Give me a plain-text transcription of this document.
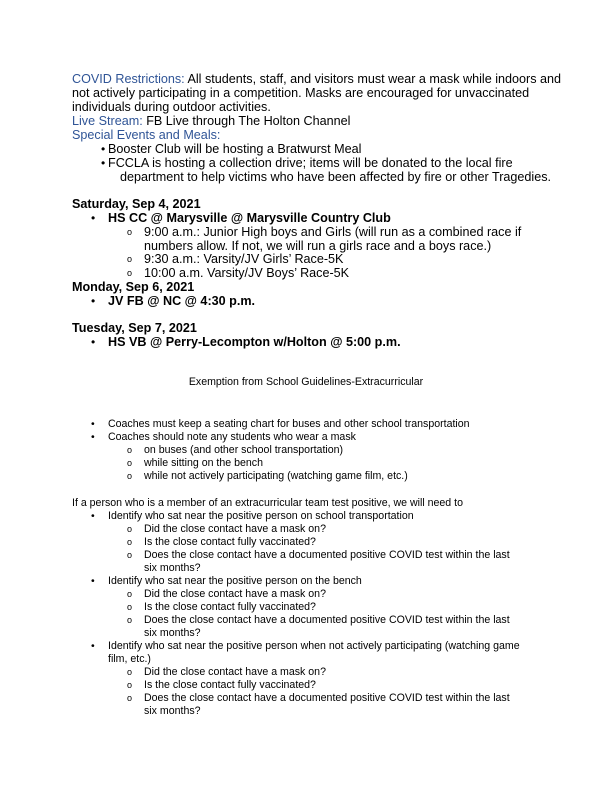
COVID Restrictions: All students, staff, and visitors must wear a mask while indoors and
not actively participating in a competition. Masks are encouraged for unvaccinated
individuals during outdoor activities.
Live Stream: FB Live through The Holton Channel
Special Events and Meals:
• Booster Club will be hosting a Bratwurst Meal
• FCCLA is hosting a collection drive; items will be donated to the local fire
department to help victims who have been affected by fire or other Tragedies.
Saturday, Sep 4, 2021
• HS CC @ Marysville @ Marysville Country Club
o 9:00 a.m.: Junior High boys and Girls (will run as a combined race if
numbers allow. If not, we will run a girls race and a boys race.)
o 9:30 a.m.: Varsity/JV Girls’ Race-5K
o 10:00 a.m. Varsity/JV Boys’ Race-5K
Monday, Sep 6, 2021
• JV FB @ NC @ 4:30 p.m.
Tuesday, Sep 7, 2021
• HS VB @ Perry-Lecompton w/Holton @ 5:00 p.m.
Exemption from School Guidelines-Extracurricular
• Coaches must keep a seating chart for buses and other school transportation
• Coaches should note any students who wear a mask
o on buses (and other school transportation)
o while sitting on the bench
o while not actively participating (watching game film, etc.)
If a person who is a member of an extracurricular team test positive, we will need to
• Identify who sat near the positive person on school transportation
o Did the close contact have a mask on?
o Is the close contact fully vaccinated?
o Does the close contact have a documented positive COVID test within the last
six months?
• Identify who sat near the positive person on the bench
o Did the close contact have a mask on?
o Is the close contact fully vaccinated?
o Does the close contact have a documented positive COVID test within the last
six months?
• Identify who sat near the positive person when not actively participating (watching game
film, etc.)
o Did the close contact have a mask on?
o Is the close contact fully vaccinated?
o Does the close contact have a documented positive COVID test within the last
six months?
